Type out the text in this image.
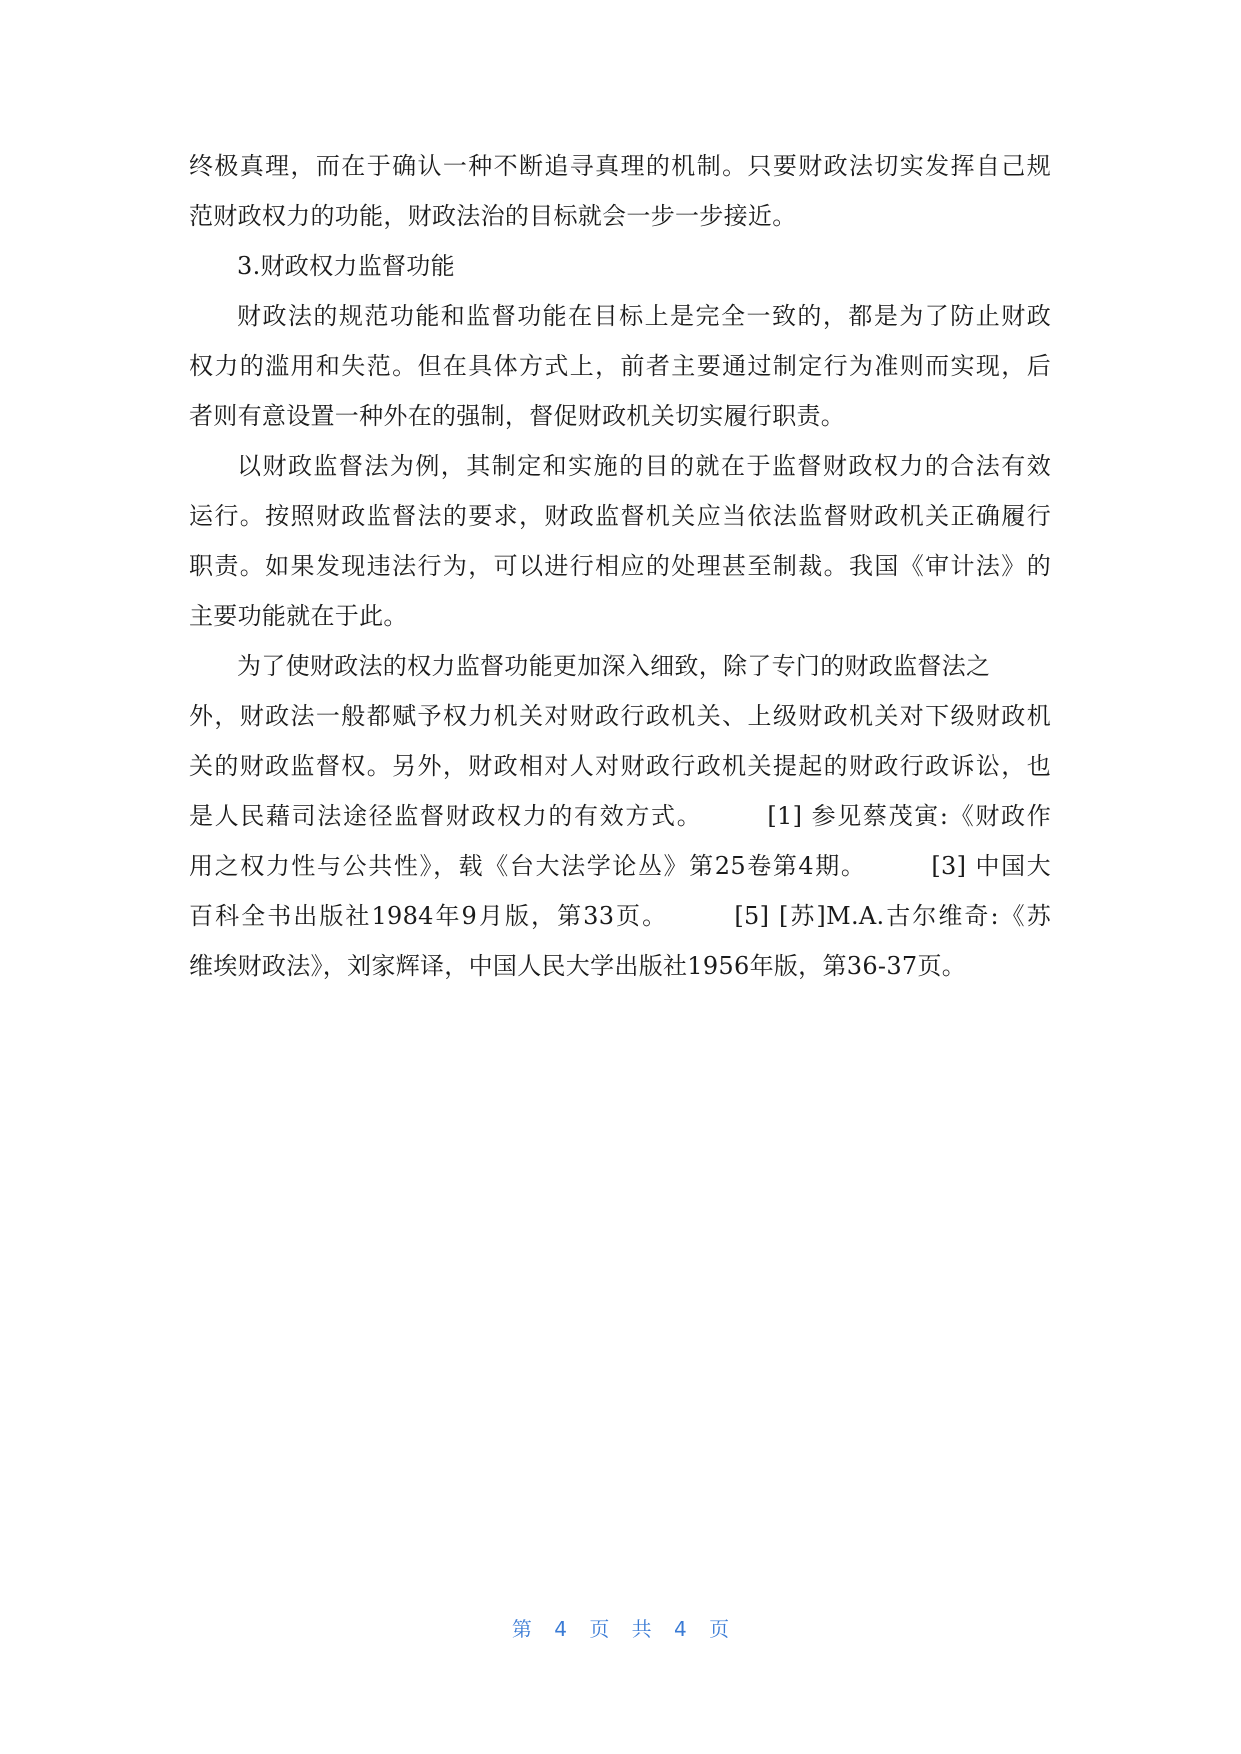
终极真理，而在于确认一种不断追寻真理的机制。只要财政法切实发挥自己规
范财政权力的功能，财政法治的目标就会一步一步接近。
3.财政权力监督功能
财政法的规范功能和监督功能在目标上是完全一致的，都是为了防止财政
权力的滥用和失范。但在具体方式上，前者主要通过制定行为准则而实现，后
者则有意设置一种外在的强制，督促财政机关切实履行职责。
以财政监督法为例，其制定和实施的目的就在于监督财政权力的合法有效
运行。按照财政监督法的要求，财政监督机关应当依法监督财政机关正确履行
职责。如果发现违法行为，可以进行相应的处理甚至制裁。我国《审计法》的
主要功能就在于此。
为了使财政法的权力监督功能更加深入细致，除了专门的财政监督法之
外，财政法一般都赋予权力机关对财政行政机关、上级财政机关对下级财政机
关的财政监督权。另外，财政相对人对财政行政机关提起的财政行政诉讼，也
是人民藉司法途径监督财政权力的有效方式。　　　[1] 参见蔡茂寅:《财政作
用之权力性与公共性》，载《台大法学论丛》第25卷第4期。　　　[3] 中国大
百科全书出版社1984年9月版，第33页。　　　[5] [苏]M.A.古尔维奇:《苏
维埃财政法》，刘家辉译，中国人民大学出版社1956年版，第36-37页。
第 4 页 共 4 页
